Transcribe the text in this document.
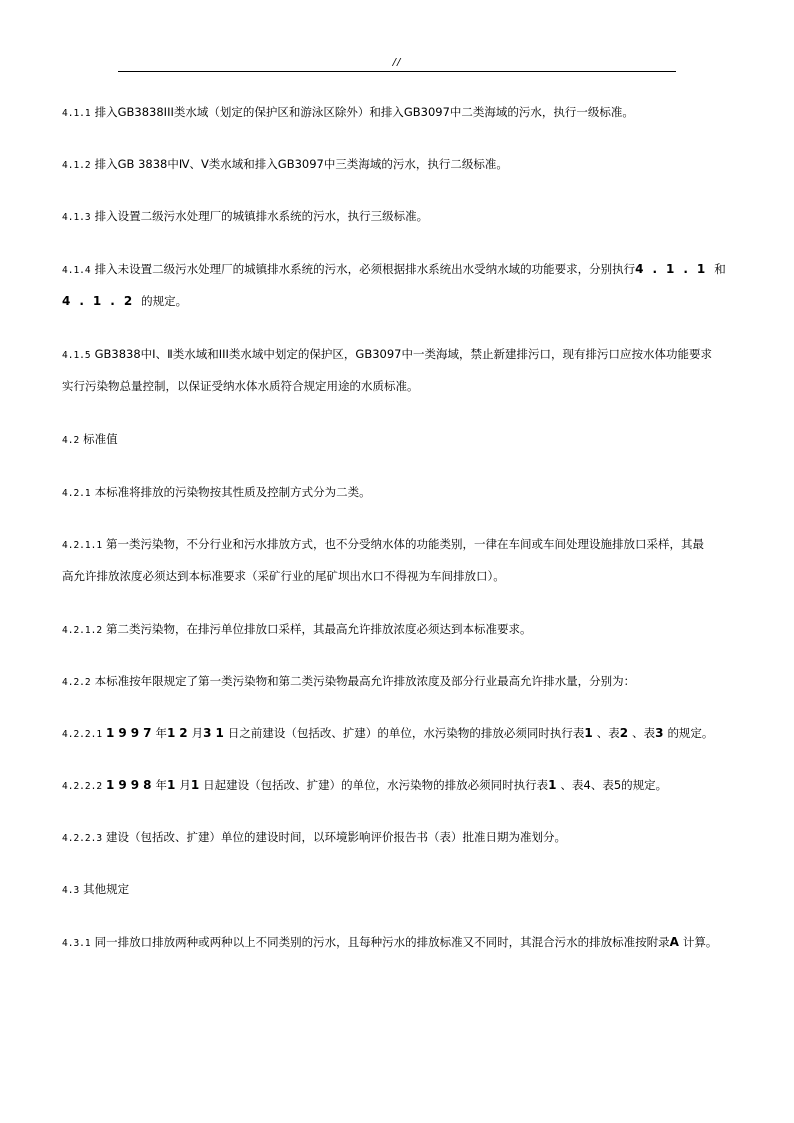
//
4.1.1 排入GB3838III类水域（划定的保护区和游泳区除外）和排入GB3097中二类海域的污水，执行一级标准。
4.1.2 排入GB 3838中Ⅳ、Ⅴ类水域和排入GB3097中三类海域的污水，执行二级标准。
4.1.3 排入设置二级污水处理厂的城镇排水系统的污水，执行三级标准。
4.1.4 排入未设置二级污水处理厂的城镇排水系统的污水，必须根据排水系统出水受纳水域的功能要求，分别执行4.1.1和
4.1.2的规定。
4.1.5 GB3838中Ⅰ、Ⅱ类水域和III类水域中划定的保护区，GB3097中一类海域，禁止新建排污口，现有排污口应按水体功能要求
实行污染物总量控制，以保证受纳水体水质符合规定用途的水质标准。
4.2 标准值
4.2.1 本标准将排放的污染物按其性质及控制方式分为二类。
4.2.1.1 第一类污染物，不分行业和污水排放方式，也不分受纳水体的功能类别，一律在车间或车间处理设施排放口采样，其最
高允许排放浓度必须达到本标准要求（采矿行业的尾矿坝出水口不得视为车间排放口）。
4.2.1.2 第二类污染物，在排污单位排放口采样，其最高允许排放浓度必须达到本标准要求。
4.2.2 本标准按年限规定了第一类污染物和第二类污染物最高允许排放浓度及部分行业最高允许排水量，分别为：
4.2.2.1 1997年12月31日之前建设（包括改、扩建）的单位，水污染物的排放必须同时执行表1、表2、表3的规定。
4.2.2.2 1998年1月1日起建设（包括改、扩建）的单位，水污染物的排放必须同时执行表1、表4、表5的规定。
4.2.2.3 建设（包括改、扩建）单位的建设时间，以环境影响评价报告书（表）批准日期为准划分。
4.3 其他规定
4.3.1 同一排放口排放两种或两种以上不同类别的污水，且每种污水的排放标准又不同时，其混合污水的排放标准按附录A计算。
